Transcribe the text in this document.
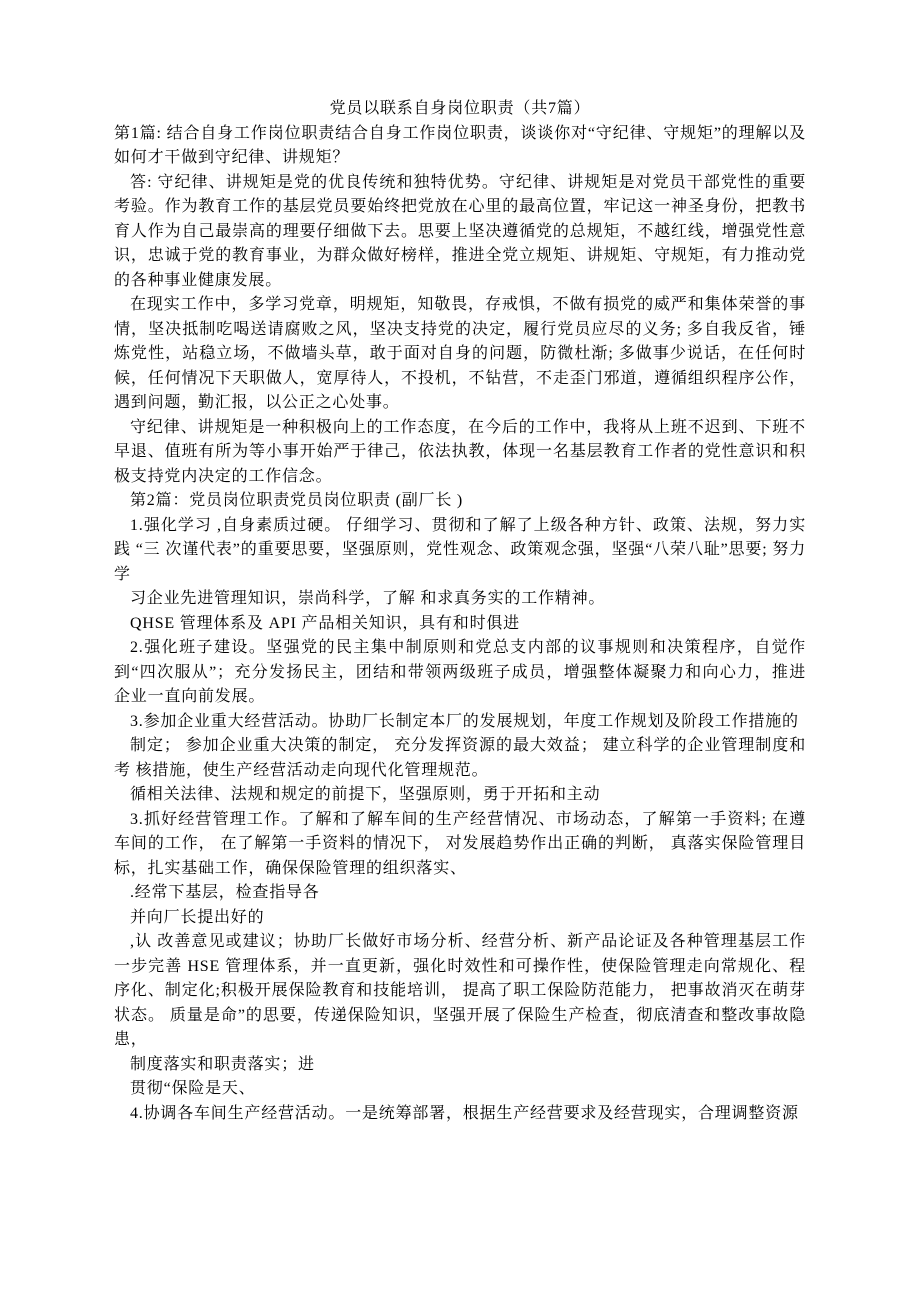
党员以联系自身岗位职责（共7篇）

第1篇: 结合自身工作岗位职责结合自身工作岗位职责，谈谈你对“守纪律、守规矩”的理解以及如何才干做到守纪律、讲规矩？

答: 守纪律、讲规矩是党的优良传统和独特优势。守纪律、讲规矩是对党员干部党性的重要考验。作为教育工作的基层党员要始终把党放在心里的最高位置，牢记这一神圣身份，把教书育人作为自己最崇高的理要仔细做下去。思要上坚决遵循党的总规矩，不越红线，增强党性意识，忠诚于党的教育事业，为群众做好榜样，推进全党立规矩、讲规矩、守规矩，有力推动党的各种事业健康发展。

在现实工作中，多学习党章，明规矩，知敬畏，存戒惧，不做有损党的威严和集体荣誉的事情，坚决抵制吃喝送请腐败之风，坚决支持党的决定，履行党员应尽的义务; 多自我反省，锤炼党性，站稳立场，不做墙头草，敢于面对自身的问题，防微杜渐; 多做事少说话，在任何时候，任何情况下天职做人，宽厚待人，不投机，不钻营，不走歪门邪道，遵循组织程序公作，遇到问题，勤汇报，以公正之心处事。

守纪律、讲规矩是一种积极向上的工作态度，在今后的工作中，我将从上班不迟到、下班不早退、值班有所为等小事开始严于律己，依法执教，体现一名基层教育工作者的党性意识和积极支持党内决定的工作信念。

第2篇：党员岗位职责党员岗位职责 (副厂长 )

1.强化学习 ,自身素质过硬。 仔细学习、贯彻和了解了上级各种方针、政策、法规，努力实践 “三 次谨代表”的重要思要，坚强原则，党性观念、政策观念强，坚强“八荣八耻”思要; 努力学

习企业先进管理知识，崇尚科学，了解 和求真务实的工作精神。

QHSE 管理体系及 API 产品相关知识，具有和时俱进

2.强化班子建设。坚强党的民主集中制原则和党总支内部的议事规则和决策程序，自觉作到“四次服从”；充分发扬民主，团结和带领两级班子成员，增强整体凝聚力和向心力，推进 企业一直向前发展。

3.参加企业重大经营活动。协助厂长制定本厂的发展规划，年度工作规划及阶段工作措施的

制定； 参加企业重大决策的制定， 充分发挥资源的最大效益； 建立科学的企业管理制度和考 核措施，使生产经营活动走向现代化管理规范。

循相关法律、法规和规定的前提下，坚强原则，勇于开拓和主动

3.抓好经营管理工作。了解和了解车间的生产经营情况、市场动态，了解第一手资料; 在遵 车间的工作， 在了解第一手资料的情况下， 对发展趋势作出正确的判断， 真落实保险管理目标，扎实基础工作，确保保险管理的组织落实、

.经常下基层，检查指导各

并向厂长提出好的

,认 改善意见或建议；协助厂长做好市场分析、经营分析、新产品论证及各种管理基层工作 一步完善 HSE 管理体系，并一直更新，强化时效性和可操作性，使保险管理走向常规化、程序化、制定化;积极开展保险教育和技能培训， 提高了职工保险防范能力， 把事故消灭在萌芽状态。 质量是命”的思要，传递保险知识，坚强开展了保险生产检查，彻底清查和整改事故隐患，

制度落实和职责落实；进

贯彻“保险是天、

4.协调各车间生产经营活动。一是统筹部署，根据生产经营要求及经营现实，合理调整资源
